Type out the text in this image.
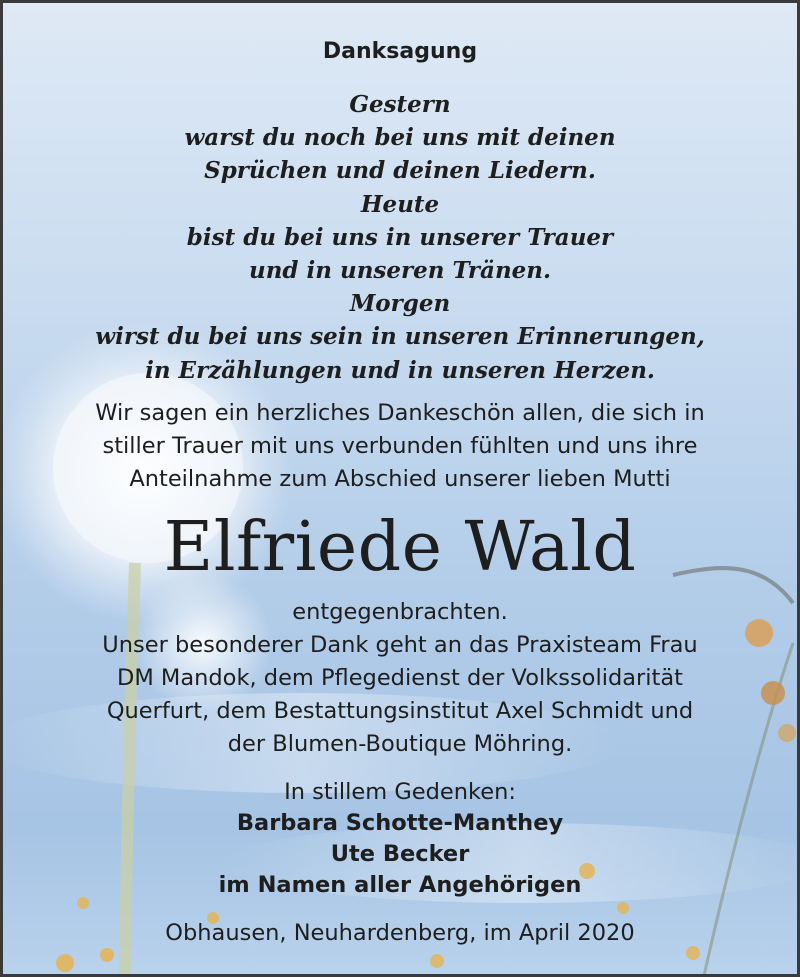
Danksagung
Gestern
warst du noch bei uns mit deinen
Sprüchen und deinen Liedern.
Heute
bist du bei uns in unserer Trauer
und in unseren Tränen.
Morgen
wirst du bei uns sein in unseren Erinnerungen,
in Erzählungen und in unseren Herzen.
Wir sagen ein herzliches Dankeschön allen, die sich in
stiller Trauer mit uns verbunden fühlten und uns ihre
Anteilnahme zum Abschied unserer lieben Mutti
Elfriede Wald
entgegenbrachten.
Unser besonderer Dank geht an das Praxisteam Frau
DM Mandok, dem Pflegedienst der Volkssolidarität
Querfurt, dem Bestattungsinstitut Axel Schmidt und
der Blumen-Boutique Möhring.
In stillem Gedenken:
Barbara Schotte-Manthey
Ute Becker
im Namen aller Angehörigen
Obhausen, Neuhardenberg, im April 2020
